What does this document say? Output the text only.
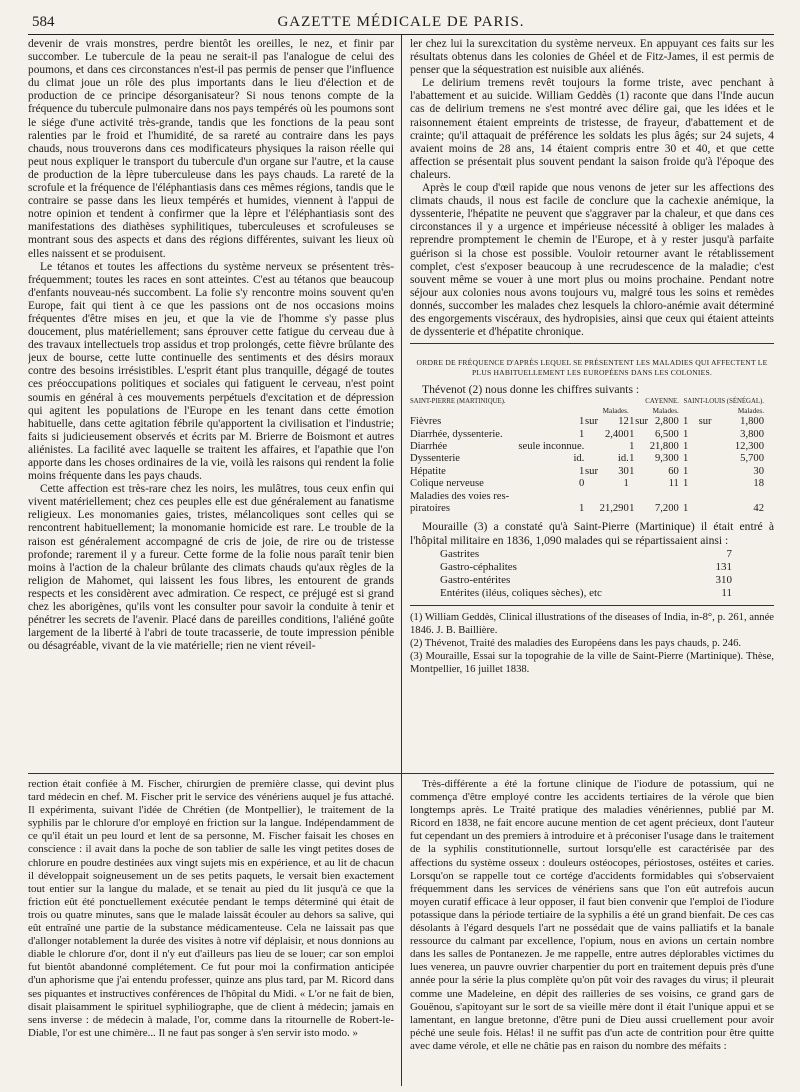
584	GAZETTE MÉDICALE DE PARIS.

devenir de vrais monstres, perdre bientôt les oreilles, le nez, et finir par succomber. Le tubercule de la peau ne serait-il pas l'analogue de celui des poumons, et dans ces circonstances n'est-il pas permis de penser que l'influence du climat joue un rôle des plus importants dans le lieu d'élection et de production de ce principe désorganisateur? Si nous tenons compte de la fréquence du tubercule pulmonaire dans nos pays tempérés où les poumons sont le siége d'une activité très-grande, tandis que les fonctions de la peau sont ralenties par le froid et l'humidité, de sa rareté au contraire dans les pays chauds, nous trouverons dans ces modificateurs physiques la raison réelle qui peut nous expliquer le transport du tubercule d'un organe sur l'autre, et la cause de production de la lèpre tuberculeuse dans les pays chauds. La rareté de la scrofule et la fréquence de l'éléphantiasis dans ces mêmes régions, tandis que le contraire se passe dans les lieux tempérés et humides, viennent à l'appui de notre opinion et tendent à confirmer que la lèpre et l'éléphantiasis sont des manifestations des diathèses syphilitiques, tuberculeuses et scrofuleuses se montrant sous des aspects et dans des régions différentes, suivant les lieux où elles naissent et se produisent.

Le tétanos et toutes les affections du système nerveux se présentent très-fréquemment; toutes les races en sont atteintes. C'est au tétanos que beaucoup d'enfants nouveau-nés succombent. La folie s'y rencontre moins souvent qu'en Europe, fait qui tient à ce que les passions ont de nos occasions moins fréquentes d'être mises en jeu, et que la vie de l'homme s'y passe plus doucement, plus matériellement; sans éprouver cette fatigue du cerveau due à des travaux intellectuels trop assidus et trop prolongés, cette fièvre brûlante des jeux de bourse, cette lutte continuelle des sentiments et des désirs moraux contre des besoins irrésistibles. L'esprit étant plus tranquille, dégagé de toutes ces préoccupations politiques et sociales qui fatiguent le cerveau, n'est point soumis en général à ces mouvements perpétuels d'excitation et de dépression qui agitent les populations de l'Europe en les tenant dans cette émotion habituelle, dans cette agitation fébrile qu'apportent la civilisation et l'industrie; faits si judicieusement observés et écrits par M. Brierre de Boismont et autres aliénistes. La facilité avec laquelle se traitent les affaires, et l'apathie que l'on apporte dans les choses ordinaires de la vie, voilà les raisons qui rendent la folie moins fréquente dans les pays chauds.

Cette affection est très-rare chez les noirs, les mulâtres, tous ceux enfin qui vivent matériellement; chez ces peuples elle est due généralement au fanatisme religieux. Les monomanies gaies, tristes, mélancoliques sont celles qui se rencontrent habituellement; la monomanie homicide est rare. Le trouble de la raison est généralement accompagné de cris de joie, de rire ou de tristesse profonde; rarement il y a fureur. Cette forme de la folie nous paraît tenir bien moins à l'action de la chaleur brûlante des climats chauds qu'aux règles de la religion de Mahomet, qui laissent les fous libres, les entourent de grands respects et les considèrent avec admiration. Ce respect, ce préjugé est si grand chez les aborigènes, qu'ils vont les consulter pour savoir la conduite à tenir et pénétrer les secrets de l'avenir. Placé dans de pareilles conditions, l'aliéné goûte largement de la liberté à l'abri de toute tracasserie, de toute impression pénible ou désagréable, vivant de la vie matérielle; rien ne vient réveil-

ler chez lui la surexcitation du système nerveux. En appuyant ces faits sur les résultats obtenus dans les colonies de Ghéel et de Fitz-James, il est permis de penser que la séquestration est nuisible aux aliénés.

Le delirium tremens revêt toujours la forme triste, avec penchant à l'abattement et au suicide. William Geddès (1) raconte que dans l'Inde aucun cas de delirium tremens ne s'est montré avec délire gai, que les idées et le raisonnement étaient empreints de tristesse, de frayeur, d'abattement et de crainte; qu'il attaquait de préférence les soldats les plus âgés; sur 24 sujets, 4 avaient moins de 28 ans, 14 étaient compris entre 30 et 40, et que cette affection se présentait plus souvent pendant la saison froide qu'à l'époque des chaleurs.

Après le coup d'œil rapide que nous venons de jeter sur les affections des climats chauds, il nous est facile de conclure que la cachexie anémique, la dyssenterie, l'hépatite ne peuvent que s'aggraver par la chaleur, et que dans ces circonstances il y a urgence et impérieuse nécessité à obliger les malades à reprendre promptement le chemin de l'Europe, et à y rester jusqu'à parfaite guérison si la chose est possible. Vouloir retourner avant le rétablissement complet, c'est s'exposer beaucoup à une recrudescence de la maladie; c'est souvent même se vouer à une mort plus ou moins prochaine. Pendant notre séjour aux colonies nous avons toujours vu, malgré tous les soins et remèdes donnés, succomber les malades chez lesquels la chloro-anémie avait déterminé des engorgements viscéraux, des hydropisies, ainsi que ceux qui étaient atteints de dyssenterie et d'hépatite chronique.

ORDRE DE FRÉQUENCE D'APRÈS LEQUEL SE PRÉSENTENT LES MALADIES QUI AFFECTENT LE PLUS HABITUELLEMENT LES EUROPÉENS DANS LES COLONIES.

Thévenot (2) nous donne les chiffres suivants :

SAINT-PIERRE (MARTINIQUE).				CAYENNE.			SAINT-LOUIS (SÉNÉGAL).		
Malades.				Malades.			Malades.		
Fièvres	1	sur	12	1	sur	2,800	1	sur	1,800
Diarrhée, dyssenterie.	1		2,400	1		6,500	1		3,800
Diarrhée	seule inconnue.			1		21,800	1		12,300
Dyssenterie	id.		id.	1		9,300	1		5,700
Hépatite	1	sur	30	1		60	1		30
Colique nerveuse	0		1			11	1		18
Maladies des voies res-									
piratoires	1		21,290	1		7,200	1		42

Mouraille (3) a constaté qu'à Saint-Pierre (Martinique) il était entré à l'hôpital militaire en 1836, 1,090 malades qui se répartissaient ainsi :

Gastrites	7
Gastro-céphalites	131
Gastro-entérites	310
Entérites (iléus, coliques sèches), etc	11

(1) William Geddès, Clinical illustrations of the diseases of India, in-8°, p. 261, année 1846. J. B. Baillière.

(2) Thévenot, Traité des maladies des Européens dans les pays chauds, p. 246.

(3) Mouraille, Essai sur la topograhie de la ville de Saint-Pierre (Martinique). Thèse, Montpellier, 16 juillet 1838.

rection était confiée à M. Fischer, chirurgien de première classe, qui devint plus tard médecin en chef. M. Fischer prit le service des vénériens auquel je fus attaché. Il expérimenta, suivant l'idée de Chrétien (de Montpellier), le traitement de la syphilis par le chlorure d'or employé en friction sur la langue. Indépendamment de ce qu'il était un peu lourd et lent de sa personne, M. Fischer faisait les choses en conscience : il avait dans la poche de son tablier de salle les vingt petites doses de chlorure en poudre destinées aux vingt sujets mis en expérience, et au lit de chacun il développait soigneusement un de ses petits paquets, le versait bien exactement tout entier sur la langue du malade, et se tenait au pied du lit jusqu'à ce que la friction eût été ponctuellement exécutée pendant le temps déterminé qui était de trois ou quatre minutes, sans que le malade laissât écouler au dehors sa salive, qui eût entraîné une partie de la substance médicamenteuse. Cela ne laissait pas que d'allonger notablement la durée des visites à notre vif déplaisir, et nous donnions au diable le chlorure d'or, dont il n'y eut d'ailleurs pas lieu de se louer; car son emploi fut bientôt abandonné complétement. Ce fut pour moi la confirmation anticipée d'un aphorisme que j'ai entendu professer, quinze ans plus tard, par M. Ricord dans ses piquantes et instructives conférences de l'hôpital du Midi. « L'or ne fait de bien, disait plaisamment le spirituel syphiliographe, que de client à médecin; jamais en sens inverse : de médecin à malade, l'or, comme dans la ritournelle de Robert-le-Diable, l'or est une chimère... Il ne faut pas songer à s'en servir isto modo. »

Très-différente a été la fortune clinique de l'iodure de potassium, qui ne commença d'être employé contre les accidents tertiaires de la vérole que bien longtemps après. Le Traité pratique des maladies vénériennes, publié par M. Ricord en 1838, ne fait encore aucune mention de cet agent précieux, dont l'auteur fut cependant un des premiers à introduire et à préconiser l'usage dans le traitement de la syphilis constitutionnelle, surtout lorsqu'elle est caractérisée par des affections du système osseux : douleurs ostéocopes, périostoses, ostéites et caries. Lorsqu'on se rappelle tout ce cortége d'accidents formidables qui s'observaient fréquemment dans les services de vénériens sans que l'on eût autrefois aucun moyen curatif efficace à leur opposer, il faut bien convenir que l'emploi de l'iodure potassique dans la période tertiaire de la syphilis a été un grand bienfait. De ces cas désolants à l'égard desquels l'art ne possédait que de vains palliatifs et la banale ressource du calmant par excellence, l'opium, nous en avions un certain nombre dans les salles de Pontanezen. Je me rappelle, entre autres déplorables victimes du lues venerea, un pauvre ouvrier charpentier du port en traitement depuis près d'une année pour la série la plus complète qu'on pût voir des ravages du virus; il pleurait comme une Madeleine, en dépit des railleries de ses voisins, ce grand gars de Gouënou, s'apitoyant sur le sort de sa vieille mère dont il était l'unique appui et se lamentant, en langue bretonne, d'être puni de Dieu aussi cruellement pour avoir péché une seule fois. Hélas! il ne suffit pas d'un acte de contrition pour être quitte avec dame vérole, et elle ne châtie pas en raison du nombre des méfaits :
